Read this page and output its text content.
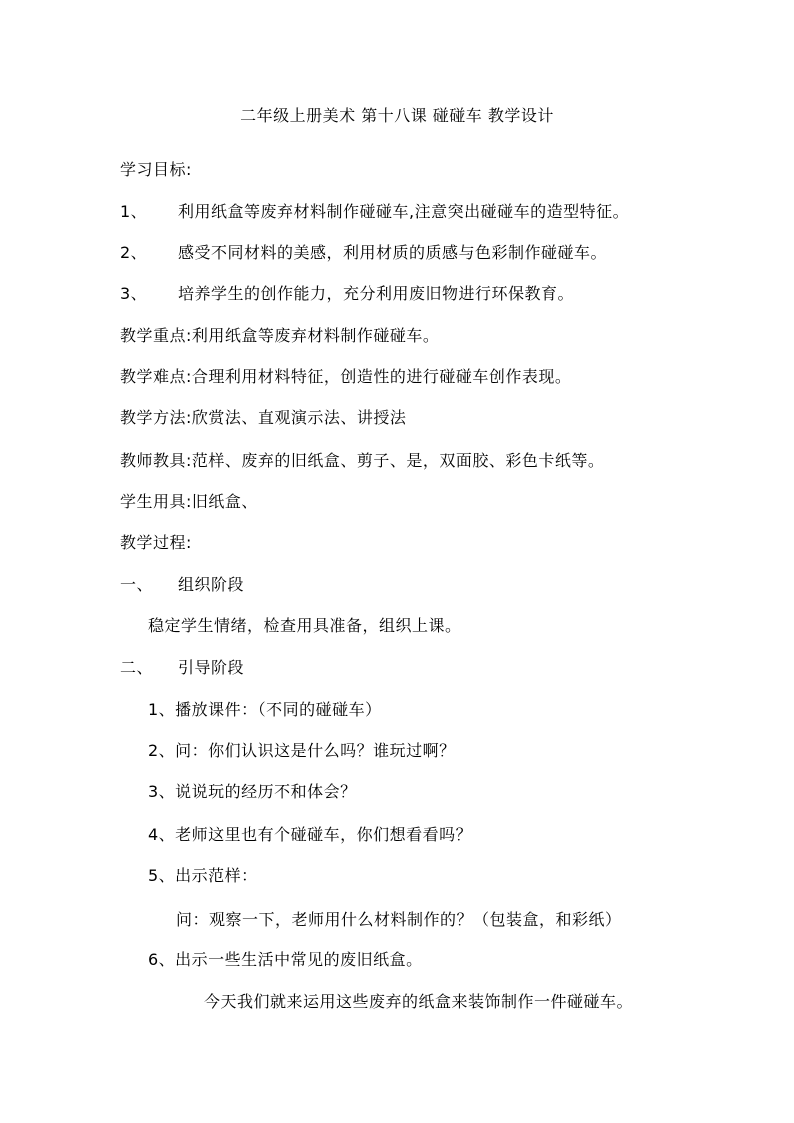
二年级上册美术 第十八课 碰碰车 教学设计
学习目标:
1、 利用纸盒等废弃材料制作碰碰车,注意突出碰碰车的造型特征。
2、 感受不同材料的美感，利用材质的质感与色彩制作碰碰车。
3、 培养学生的创作能力，充分利用废旧物进行环保教育。
教学重点:利用纸盒等废弃材料制作碰碰车。
教学难点:合理利用材料特征，创造性的进行碰碰车创作表现。
教学方法:欣赏法、直观演示法、讲授法
教师教具:范样、废弃的旧纸盒、剪子、是，双面胶、彩色卡纸等。
学生用具:旧纸盒、
教学过程:
一、 组织阶段
稳定学生情绪，检查用具准备，组织上课。
二、 引导阶段
1、播放课件：（不同的碰碰车）
2、问：你们认识这是什么吗？谁玩过啊？
3、说说玩的经历不和体会？
4、老师这里也有个碰碰车，你们想看看吗？
5、出示范样：
问：观察一下，老师用什么材料制作的？（包装盒，和彩纸）
6、出示一些生活中常见的废旧纸盒。
今天我们就来运用这些废弃的纸盒来装饰制作一件碰碰车。
